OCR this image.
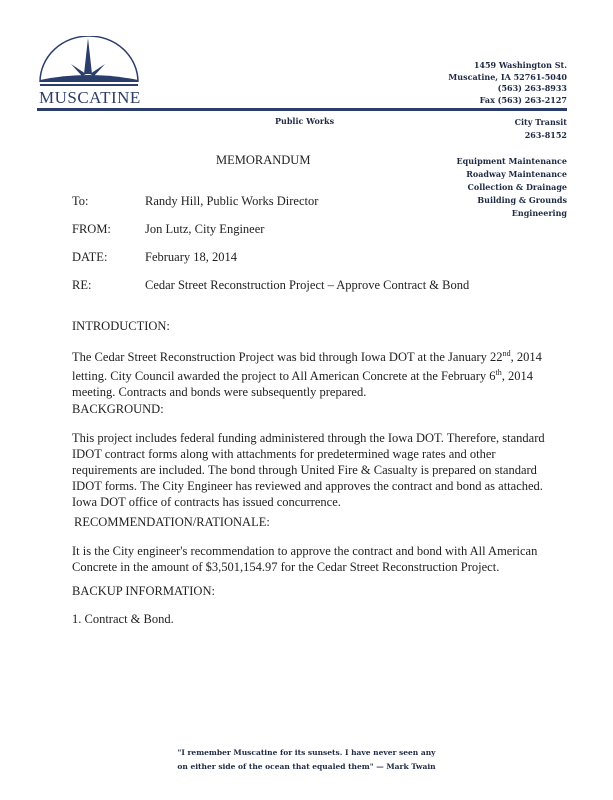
MUSCATINE
1459 Washington St.
Muscatine, IA 52761-5040
(563) 263-8933
Fax (563) 263-2127
Public Works	City Transit
263-8152
Equipment Maintenance
Roadway Maintenance
Collection & Drainage
Building & Grounds
Engineering
MEMORANDUM
To:	Randy Hill, Public Works Director
FROM:	Jon Lutz, City Engineer
DATE:	February 18, 2014
RE:	Cedar Street Reconstruction Project – Approve Contract & Bond
INTRODUCTION:
The Cedar Street Reconstruction Project was bid through Iowa DOT at the January 22nd, 2014 letting. City Council awarded the project to All American Concrete at the February 6th, 2014 meeting. Contracts and bonds were subsequently prepared.
BACKGROUND:
This project includes federal funding administered through the Iowa DOT. Therefore, standard IDOT contract forms along with attachments for predetermined wage rates and other requirements are included. The bond through United Fire & Casualty is prepared on standard IDOT forms. The City Engineer has reviewed and approves the contract and bond as attached. Iowa DOT office of contracts has issued concurrence.
RECOMMENDATION/RATIONALE:
It is the City engineer's recommendation to approve the contract and bond with All American Concrete in the amount of $3,501,154.97 for the Cedar Street Reconstruction Project.
BACKUP INFORMATION:
1. Contract & Bond.
"I remember Muscatine for its sunsets. I have never seen any
on either side of the ocean that equaled them" — Mark Twain
